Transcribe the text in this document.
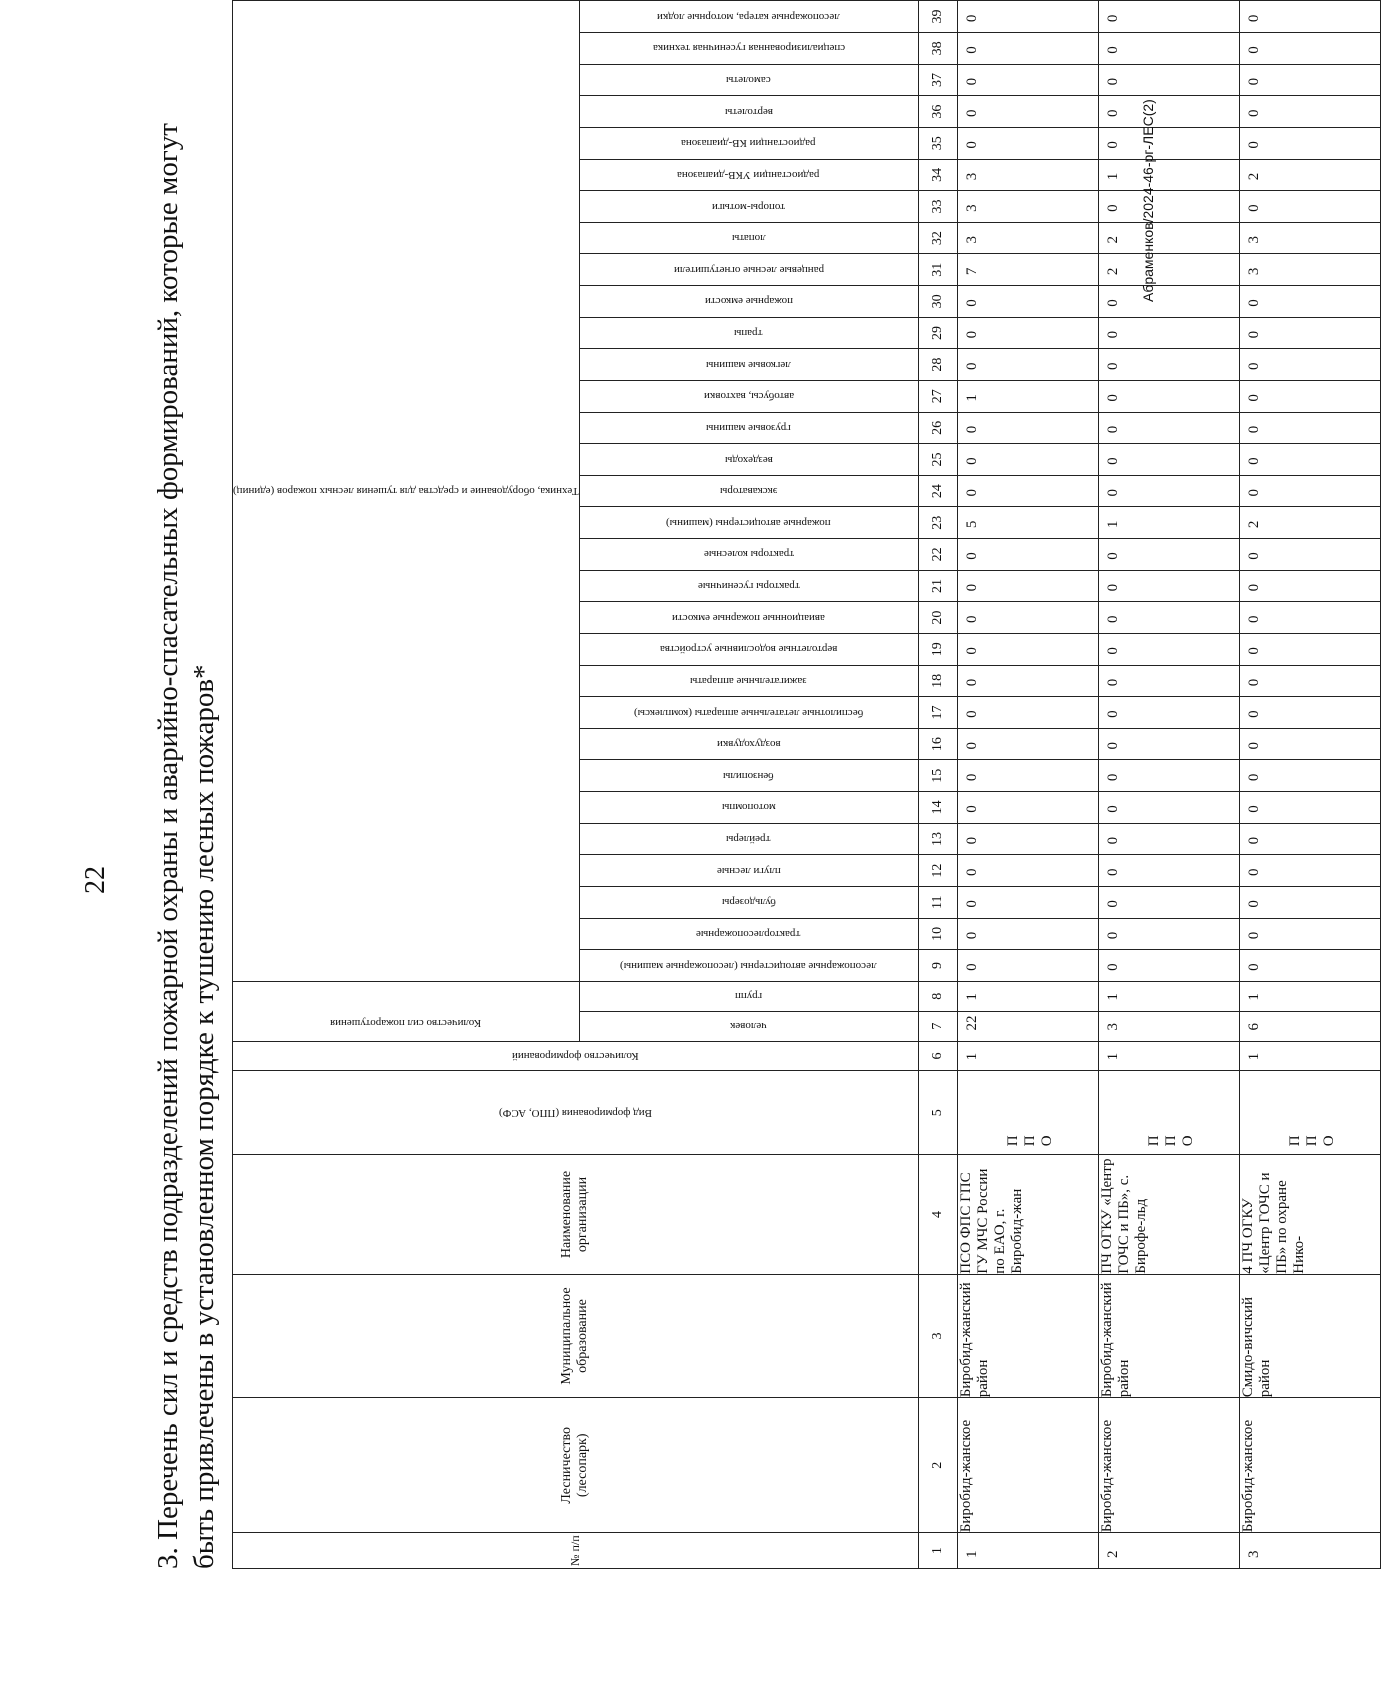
22 3. Перечень сил и средств подразделений пожарной охраны и аварийно-спасательных формирований, которые могут быть привлечены в установленном порядке к тушению лесных пожаров*	№ п/п	Лесничество (лесопарк)	Муниципальное образование	Наименование организации	Вид формирования (ППО, АСФ)	Количество формирований	Количество сил пожаротушения		Техника, оборудование и средства для тушения лесных пожаров (единиц)																														

						человек	групп	лесопожарные автоцистерны (лесопожарные машины)	тракторлесопожарные	бульдозеры	плуги лесные	трейлеры	мотопомпы	бензопилы	воздуходувки	беспилотные летательные аппараты (комплексы)	зажигательные аппараты	вертолетные водосливные устройства	авиационные пожарные емкости	тракторы гусеничные	тракторы колесные	пожарные автоцистерны (машины)	экскаваторы	вездеходы	грузовые машины	автобусы, вахтовки	легковые машины	трапы	пожарные емкости	ранцевые лесные огнетушители	лопаты	топоры-мотыги	радиостанции УКВ-диапазона	радиостанции КВ-диапазона	вертолеты	самолеты	специализированная гусеничная техника	лесопожарные катера, моторные лодки

1	2	3	4	5	6	7	8	9	10	11	12	13	14	15	16	17	18	19	20	21	22	23	24	25	26	27	28	29	30	31	32	33	34	35	36	37	38	39

1	Биробид-жанское	Биробид-жанский район	ПСО ФПС ГПС ГУ МЧС России по ЕАО, г. Биробид-жан	П П О	1	22	1	0	0	0	0	0	0	0	0	0	0	0	0	0	0	5	0	0	0	1	0	0	0	7	3	3	3	0	0	0	0	0
2	Биробид-жанское	Биробид-жанский район	ПЧ ОГКУ «Центр ГОЧС и ПБ», с. Бирофе-льд	П П О	1	3	1	0	0	0	0	0	0	0	0	0	0	0	0	0	0	1	0	0	0	0	0	0	0	2	2	0	1	0	0	0	0	0
3	Биробид-жанское	Смидо-вичский район	4 ПЧ ОГКУ «Центр ГОЧС и ПБ» по охране Нико-	П П О	1	6	1	0	0	0	0	0	0	0	0	0	0	0	0	0	0	2	0	0	0	0	0	0	0	3	3	0	2	0	0	0	0	0
Абраменков/2024-46-рг-ЛЕС(2)
